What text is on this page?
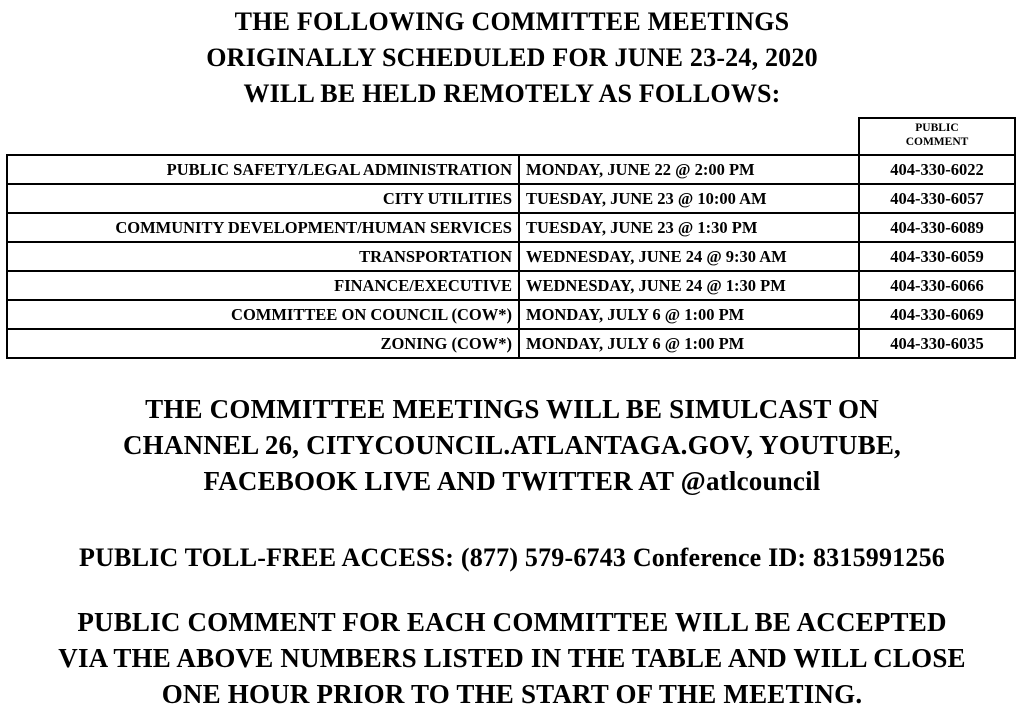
THE FOLLOWING COMMITTEE MEETINGS
ORIGINALLY SCHEDULED FOR JUNE 23-24, 2020
WILL BE HELD REMOTELY AS FOLLOWS:

		PUBLIC
COMMENT

PUBLIC SAFETY/LEGAL ADMINISTRATION	MONDAY, JUNE 22 @ 2:00 PM	404-330-6022
CITY UTILITIES	TUESDAY, JUNE 23 @ 10:00 AM	404-330-6057
COMMUNITY DEVELOPMENT/HUMAN SERVICES	TUESDAY, JUNE 23 @ 1:30 PM	404-330-6089
TRANSPORTATION	WEDNESDAY, JUNE 24 @ 9:30 AM	404-330-6059
FINANCE/EXECUTIVE	WEDNESDAY, JUNE 24 @ 1:30 PM	404-330-6066
COMMITTEE ON COUNCIL (COW*)	MONDAY, JULY 6 @ 1:00 PM	404-330-6069
ZONING (COW*)	MONDAY, JULY 6 @ 1:00 PM	404-330-6035
THE COMMITTEE MEETINGS WILL BE SIMULCAST ON
CHANNEL 26, CITYCOUNCIL.ATLANTAGA.GOV, YOUTUBE,
FACEBOOK LIVE AND TWITTER AT @atlcouncil
PUBLIC TOLL-FREE ACCESS: (877) 579-6743 Conference ID: 8315991256
PUBLIC COMMENT FOR EACH COMMITTEE WILL BE ACCEPTED
VIA THE ABOVE NUMBERS LISTED IN THE TABLE AND WILL CLOSE
ONE HOUR PRIOR TO THE START OF THE MEETING.
